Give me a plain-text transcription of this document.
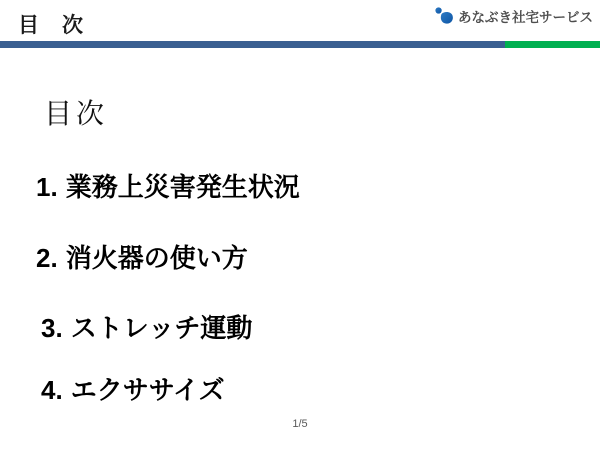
目　次	あなぶき社宅サービス
目次
1. 業務上災害発生状況
2. 消火器の使い方
3. ストレッチ運動
4. エクササイズ
1/5
